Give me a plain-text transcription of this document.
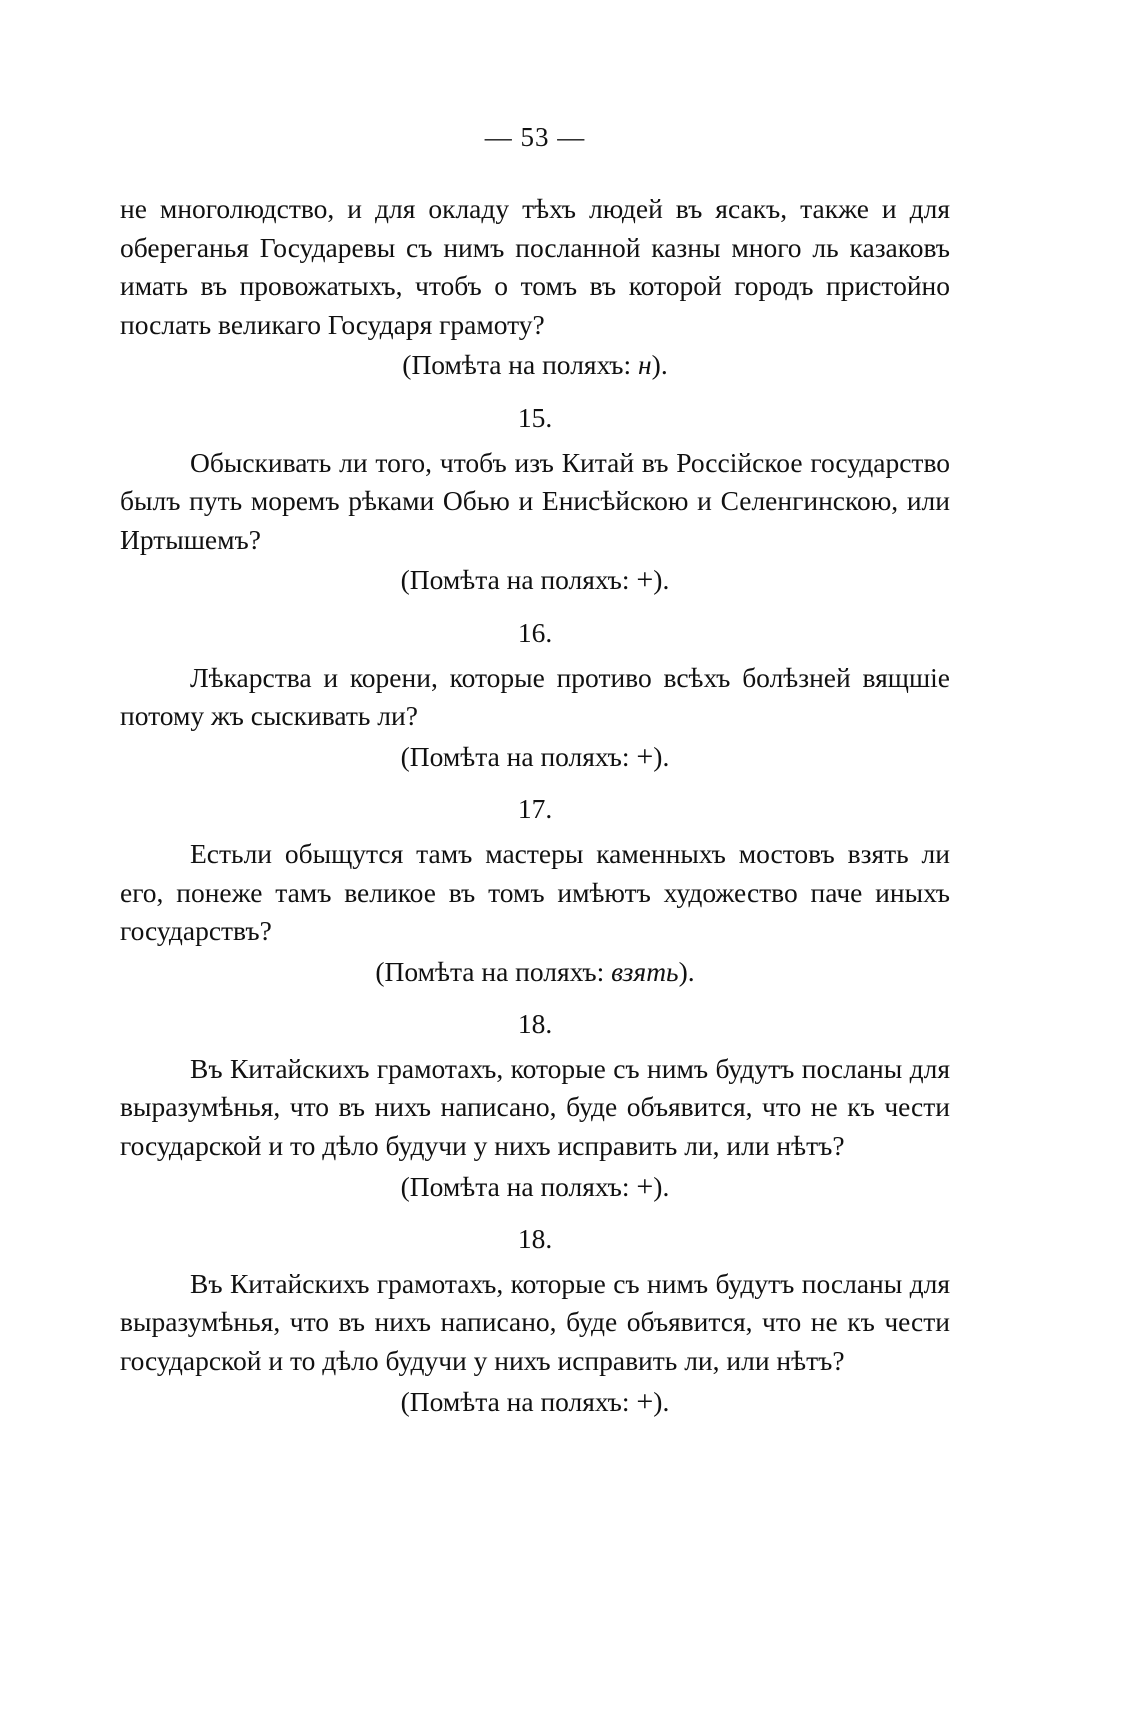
— 53 —
не многолюдство, и для окладу тѣхъ людей въ ясакъ, также и для обереганья Государевы съ нимъ посланной казны много ль казаковъ имать въ провожатыхъ, чтобъ о томъ въ которой городъ пристойно послать великаго Государя грамоту?
(Помѣта на поляхъ: н).
15.
Обыскивать ли того, чтобъ изъ Китай въ Россійское государство былъ путь моремъ рѣками Обью и Енисѣйскою и Селенгинскою, или Иртышемъ?
(Помѣта на поляхъ: +).
16.
Лѣкарства и корени, которые противо всѣхъ болѣзней вящшіе потому жъ сыскивать ли?
(Помѣта на поляхъ: +).
17.
Естьли обыщутся тамъ мастеры каменныхъ мостовъ взять ли его, понеже тамъ великое въ томъ имѣютъ художество паче иныхъ государствъ?
(Помѣта на поляхъ: взять).
18.
Въ Китайскихъ грамотахъ, которые съ нимъ будутъ посланы для выразумѣнья, что въ нихъ написано, буде объявится, что не къ чести государской и то дѣло будучи у нихъ исправить ли, или нѣтъ?
(Помѣта на поляхъ: +).
18.
Въ Китайскихъ грамотахъ, которые съ нимъ будутъ посланы для выразумѣнья, что въ нихъ написано, буде объявится, что не къ чести государской и то дѣло будучи у нихъ исправить ли, или нѣтъ?
(Помѣта на поляхъ: +).
